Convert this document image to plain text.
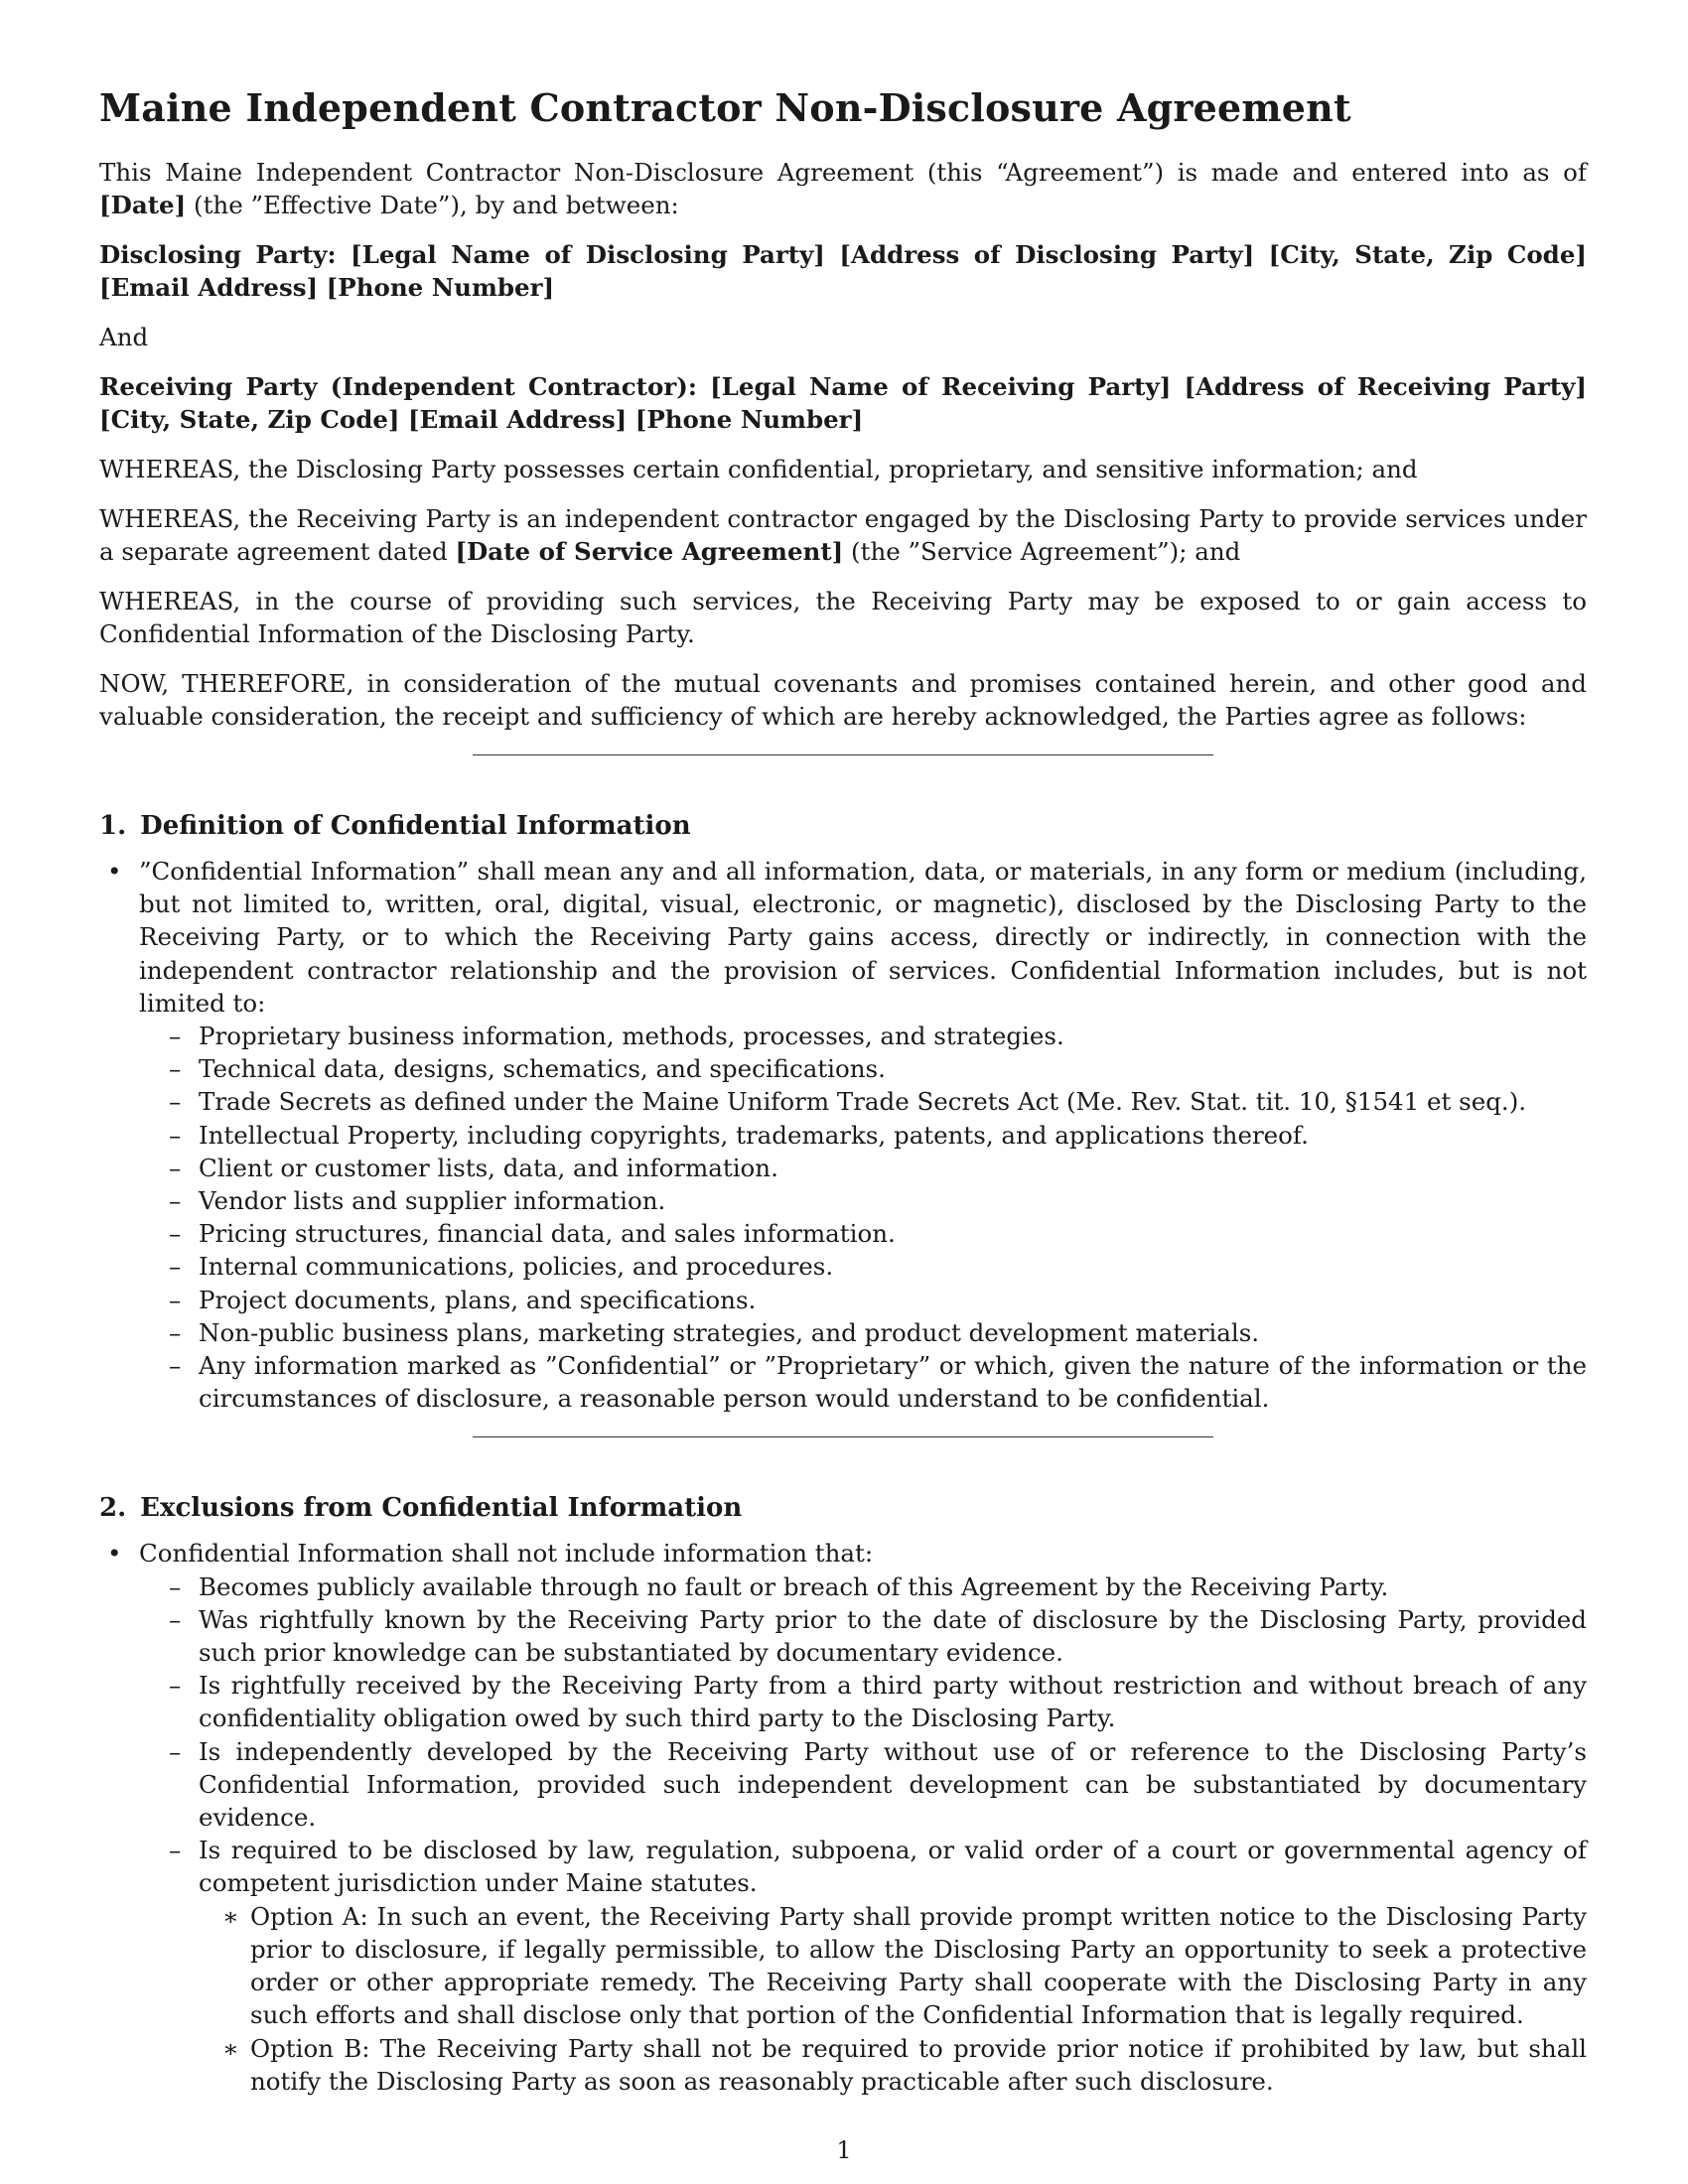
Maine Independent Contractor Non-Disclosure Agreement

This Maine Independent Contractor Non-Disclosure Agreement (this “Agreement”) is made and entered into as of [Date] (the ”Effective Date”), by and between:

Disclosing Party: [Legal Name of Disclosing Party] [Address of Disclosing Party] [City, State, Zip Code] [Email Address] [Phone Number]

And

Receiving Party (Independent Contractor): [Legal Name of Receiving Party] [Address of Receiving Party] [City, State, Zip Code] [Email Address] [Phone Number]

WHEREAS, the Disclosing Party possesses certain confidential, proprietary, and sensitive information; and

WHEREAS, the Receiving Party is an independent contractor engaged by the Disclosing Party to provide services under a separate agreement dated [Date of Service Agreement] (the ”Service Agreement”); and

WHEREAS, in the course of providing such services, the Receiving Party may be exposed to or gain access to Confidential Information of the Disclosing Party.

NOW, THEREFORE, in consideration of the mutual covenants and promises contained herein, and other good and valuable consideration, the receipt and sufficiency of which are hereby acknowledged, the Parties agree as follows:

1. Definition of Confidential Information
• ”Confidential Information” shall mean any and all information, data, or materials, in any form or medium (including, but not limited to, written, oral, digital, visual, electronic, or magnetic), disclosed by the Disclosing Party to the Receiving Party, or to which the Receiving Party gains access, directly or indirectly, in connection with the independent contractor relationship and the provision of services. Confidential Information includes, but is not limited to:
– Proprietary business information, methods, processes, and strategies.
– Technical data, designs, schematics, and specifications.
– Trade Secrets as defined under the Maine Uniform Trade Secrets Act (Me. Rev. Stat. tit. 10, §1541 et seq.).
– Intellectual Property, including copyrights, trademarks, patents, and applications thereof.
– Client or customer lists, data, and information.
– Vendor lists and supplier information.
– Pricing structures, financial data, and sales information.
– Internal communications, policies, and procedures.
– Project documents, plans, and specifications.
– Non-public business plans, marketing strategies, and product development materials.
– Any information marked as ”Confidential” or ”Proprietary” or which, given the nature of the information or the circumstances of disclosure, a reasonable person would understand to be confidential.
2. Exclusions from Confidential Information
• Confidential Information shall not include information that:
– Becomes publicly available through no fault or breach of this Agreement by the Receiving Party.
– Was rightfully known by the Receiving Party prior to the date of disclosure by the Disclosing Party, provided such prior knowledge can be substantiated by documentary evidence.
– Is rightfully received by the Receiving Party from a third party without restriction and without breach of any confidentiality obligation owed by such third party to the Disclosing Party.
– Is independently developed by the Receiving Party without use of or reference to the Disclosing Party’s Confidential Information, provided such independent development can be substantiated by documentary evidence.
– Is required to be disclosed by law, regulation, subpoena, or valid order of a court or governmental agency of competent jurisdiction under Maine statutes.
∗ Option A: In such an event, the Receiving Party shall provide prompt written notice to the Disclosing Party prior to disclosure, if legally permissible, to allow the Disclosing Party an opportunity to seek a protective order or other appropriate remedy. The Receiving Party shall cooperate with the Disclosing Party in any such efforts and shall disclose only that portion of the Confidential Information that is legally required.
∗ Option B: The Receiving Party shall not be required to provide prior notice if prohibited by law, but shall notify the Disclosing Party as soon as reasonably practicable after such disclosure.
1
